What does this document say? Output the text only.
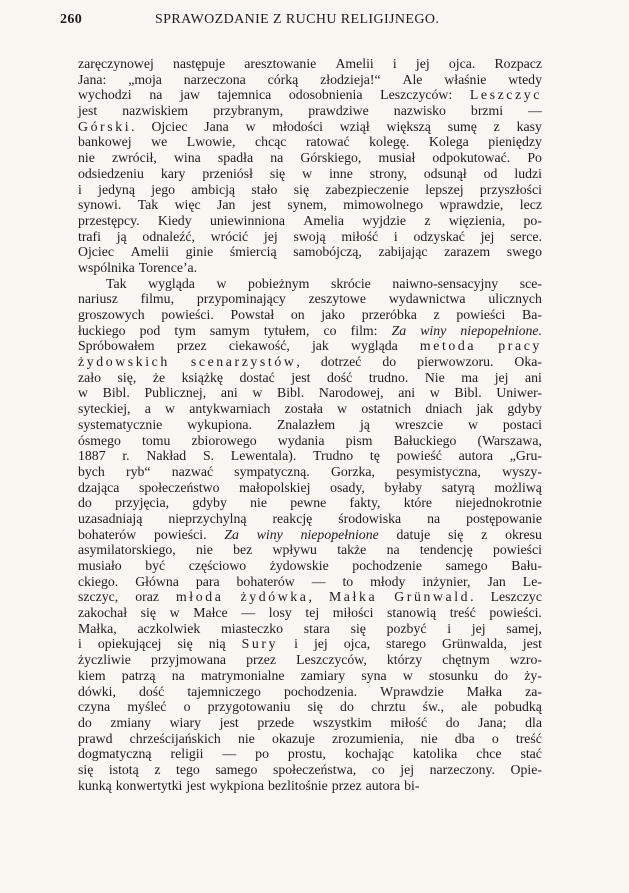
260	SPRAWOZDANIE Z RUCHU RELIGIJNEGO.
zaręczynowej następuje aresztowanie Amelii i jej ojca. Rozpacz
Jana: „moja narzeczona córką złodzieja!“ Ale właśnie wtedy
wychodzi na jaw tajemnica odosobnienia Leszczyców: Leszczyc
jest nazwiskiem przybranym, prawdziwe nazwisko brzmi —
Górski. Ojciec Jana w młodości wziął większą sumę z kasy
bankowej we Lwowie, chcąc ratować kolegę. Kolega pieniędzy
nie zwrócił, wina spadła na Górskiego, musiał odpokutować. Po
odsiedzeniu kary przeniósł się w inne strony, odsunął od ludzi
i jedyną jego ambicją stało się zabezpieczenie lepszej przyszłości
synowi. Tak więc Jan jest synem, mimowolnego wprawdzie, lecz
przestępcy. Kiedy uniewinniona Amelia wyjdzie z więzienia, po-
trafi ją odnaleźć, wrócić jej swoją miłość i odzyskać jej serce.
Ojciec Amelii ginie śmiercią samobójczą, zabijając zarazem swego
wspólnika Torence’a.
Tak wygląda w pobieżnym skrócie naiwno-sensacyjny sce-
nariusz filmu, przypominający zeszytowe wydawnictwa ulicznych
groszowych powieści. Powstał on jako przeróbka z powieści Ba-
łuckiego pod tym samym tytułem, co film: Za winy niepopełnione.
Spróbowałem przez ciekawość, jak wygląda metoda pracy
żydowskich scenarzystów, dotrzeć do pierwowzoru. Oka-
zało się, że książkę dostać jest dość trudno. Nie ma jej ani
w Bibl. Publicznej, ani w Bibl. Narodowej, ani w Bibl. Uniwer-
syteckiej, a w antykwarniach została w ostatnich dniach jak gdyby
systematycznie wykupiona. Znalazłem ją wreszcie w postaci
ósmego tomu zbiorowego wydania pism Bałuckiego (Warszawa,
1887 r. Nakład S. Lewentala). Trudno tę powieść autora „Gru-
bych ryb“ nazwać sympatyczną. Gorzka, pesymistyczna, wyszy-
dzająca społeczeństwo małopolskiej osady, byłaby satyrą możliwą
do przyjęcia, gdyby nie pewne fakty, które niejednokrotnie
uzasadniają nieprzychylną reakcję środowiska na postępowanie
bohaterów powieści. Za winy niepopełnione datuje się z okresu
asymilatorskiego, nie bez wpływu także na tendencję powieści
musiało być częściowo żydowskie pochodzenie samego Bału-
ckiego. Główna para bohaterów — to młody inżynier, Jan Le-
szczyc, oraz młoda żydówka, Małka Grünwald. Leszczyc
zakochał się w Małce — losy tej miłości stanowią treść powieści.
Małka, aczkolwiek miasteczko stara się pozbyć i jej samej,
i opiekującej się nią Sury i jej ojca, starego Grünwalda, jest
życzliwie przyjmowana przez Leszczyców, którzy chętnym wzro-
kiem patrzą na matrymonialne zamiary syna w stosunku do ży-
dówki, dość tajemniczego pochodzenia. Wprawdzie Małka za-
czyna myśleć o przygotowaniu się do chrztu św., ale pobudką
do zmiany wiary jest przede wszystkim miłość do Jana; dla
prawd chrześcijańskich nie okazuje zrozumienia, nie dba o treść
dogmatyczną religii — po prostu, kochając katolika chce stać
się istotą z tego samego społeczeństwa, co jej narzeczony. Opie-
kunką konwertytki jest wykpiona bezlitośnie przez autora bi-
